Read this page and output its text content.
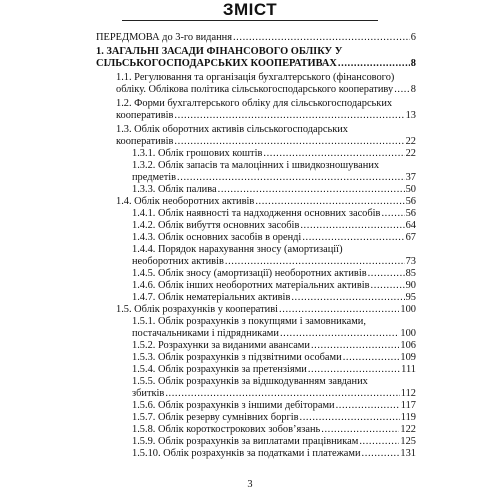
ЗМІСТ
ПЕРЕДМОВА до 3-го видання .....	6
1. ЗАГАЛЬНІ ЗАСАДИ ФІНАНСОВОГО ОБЛІКУ У
СІЛЬСЬКОГОСПОДАРСЬКИХ КООПЕРАТИВАХ .....	8
1.1. Регулювання та організація бухгалтерського (фінансового)
обліку. Облікова політика сільськогосподарського кооперативу ..... 8
1.2. Форми бухгалтерського обліку для сільськогосподарських
кооперативів .....	13
1.3. Облік оборотних активів сільськогосподарських
кооперативів .....	22
1.3.1. Облік грошових коштів .....	22
1.3.2. Облік запасів та малоцінних і швидкозношуваних
предметів .....	37
1.3.3. Облік палива .....	50
1.4. Облік необоротних активів .....	56
1.4.1. Облік наявності та надходження основних засобів ..... 56
1.4.2. Облік вибуття основних засобів .....	64
1.4.3. Облік основних засобів в оренді .....	67
1.4.4. Порядок нарахування зносу (амортизації)
необоротних активів .....	73
1.4.5. Облік зносу (амортизації) необоротних активів .....	85
1.4.6. Облік інших необоротних матеріальних активів .....	90
1.4.7. Облік нематеріальних активів .....	95
1.5. Облік розрахунків у кооперативі .....	100
1.5.1. Облік розрахунків з покупцями і замовниками,
постачальниками і підрядниками .....	100
1.5.2. Розрахунки за виданими авансами .....	106
1.5.3. Облік розрахунків з підзвітними особами .....	109
1.5.4. Облік розрахунків за претензіями .....	111
1.5.5. Облік розрахунків за відшкодуванням завданих
збитків .....	112
1.5.6. Облік розрахунків з іншими дебіторами .....	117
1.5.7. Облік резерву сумнівних боргів .....	119
1.5.8. Облік короткострокових зобов’язань .....	122
1.5.9. Облік розрахунків за виплатами працівникам .....	125
1.5.10. Облік розрахунків за податками і платежами .....	131
3
